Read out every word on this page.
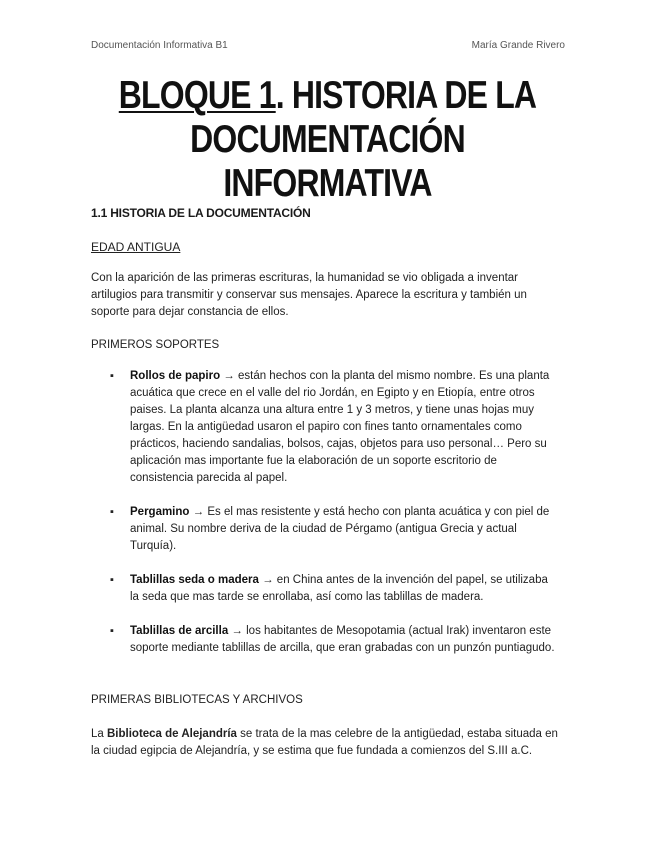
Documentación Informativa B1	María Grande Rivero
BLOQUE 1. HISTORIA DE LA
DOCUMENTACIÓN INFORMATIVA
1.1 HISTORIA DE LA DOCUMENTACIÓN
EDAD ANTIGUA
Con la aparición de las primeras escrituras, la humanidad se vio obligada a inventar artilugios para transmitir y conservar sus mensajes. Aparece la escritura y también un soporte para dejar constancia de ellos.
PRIMEROS SOPORTES
▪ Rollos de papiro → están hechos con la planta del mismo nombre. Es una planta acuática que crece en el valle del rio Jordán, en Egipto y en Etiopía, entre otros paises. La planta alcanza una altura entre 1 y 3 metros, y tiene unas hojas muy largas. En la antigüedad usaron el papiro con fines tanto ornamentales como prácticos, haciendo sandalias, bolsos, cajas, objetos para uso personal… Pero su aplicación mas importante fue la elaboración de un soporte escritorio de consistencia parecida al papel.
▪ Pergamino → Es el mas resistente y está hecho con planta acuática y con piel de animal. Su nombre deriva de la ciudad de Pérgamo (antigua Grecia y actual Turquía).
▪ Tablillas seda o madera → en China antes de la invención del papel, se utilizaba la seda que mas tarde se enrollaba, así como las tablillas de madera.
▪ Tablillas de arcilla → los habitantes de Mesopotamia (actual Irak) inventaron este soporte mediante tablillas de arcilla, que eran grabadas con un punzón puntiagudo.
PRIMERAS BIBLIOTECAS Y ARCHIVOS
La Biblioteca de Alejandría se trata de la mas celebre de la antigüedad, estaba situada en la ciudad egipcia de Alejandría, y se estima que fue fundada a comienzos del S.III a.C.
